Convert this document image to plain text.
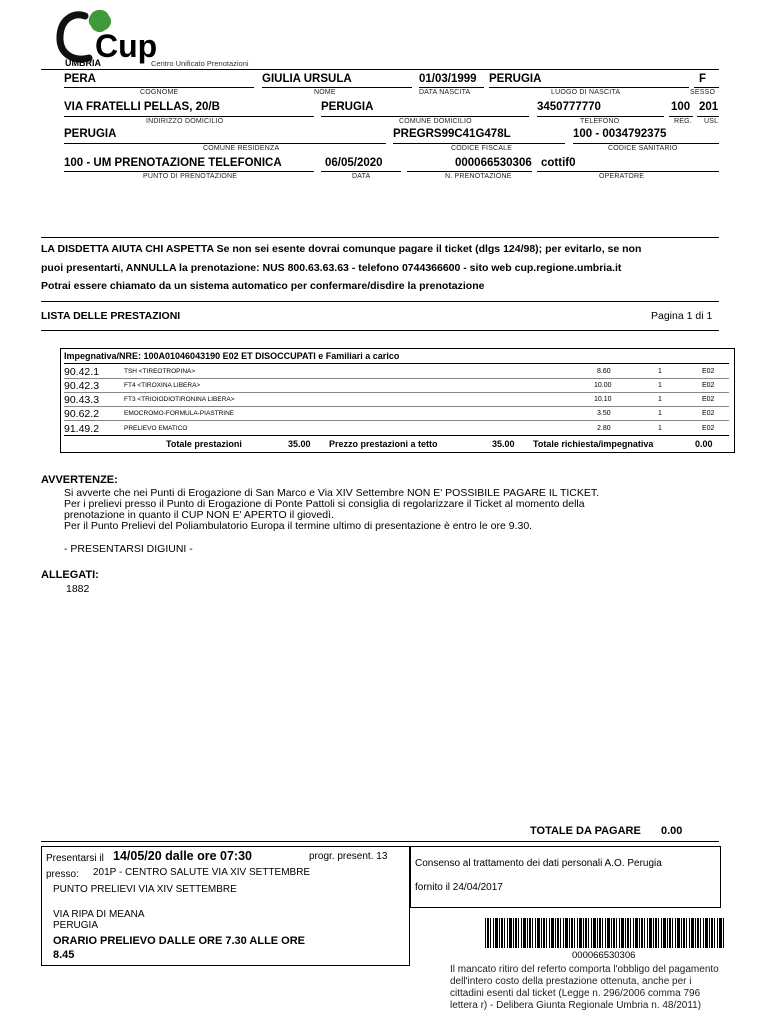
Cup
UMBRIA	Centro Unificato Prenotazioni
PERA	GIULIA URSULA	01/03/1999 PERUGIA	F
COGNOME	NOME	DATA NASCITA	LUOGO DI NASCITA	SESSO
VIA FRATELLI PELLAS, 20/B	PERUGIA	3450777770	100 201
INDIRIZZO DOMICILIO	COMUNE DOMICILIO	TELEFONO	REG. USL
PERUGIA	PREGRS99C41G478L	100 - 0034792375
COMUNE RESIDENZA	CODICE FISCALE	CODICE SANITARIO
100 - UM PRENOTAZIONE TELEFONICA	06/05/2020	000066530306 cottif0
PUNTO DI PRENOTAZIONE	DATA	N. PRENOTAZIONE	OPERATORE
LA DISDETTA AIUTA CHI ASPETTA Se non sei esente dovrai comunque pagare il ticket (dlgs 124/98); per evitarlo, se non
puoi presentarti, ANNULLA la prenotazione: NUS 800.63.63.63 - telefono 0744366600 - sito web cup.regione.umbria.it
Potrai essere chiamato da un sistema automatico per confermare/disdire la prenotazione
LISTA DELLE PRESTAZIONI	Pagina 1 di 1
Impegnativa/NRE: 100A01046043190 E02 ET DISOCCUPATI e Familiari a carico
90.42.1	TSH <TIREOTROPINA>	8.60	1	E02
90.42.3	FT4 <TIROXINA LIBERA>	10.00	1	E02
90.43.3	FT3 <TRIOIODIOTIRONINA LIBERA>	10.10	1	E02
90.62.2	EMOCROMO-FORMULA-PIASTRINE	3.50	1	E02
91.49.2	PRELIEVO EMATICO	2.80	1	E02
Totale prestazioni	35.00 Prezzo prestazioni a tetto	35.00 Totale richiesta/impegnativa	0.00
AVVERTENZE:
Si avverte che nei Punti di Erogazione di San Marco e Via XIV Settembre NON E' POSSIBILE PAGARE IL TICKET.
Per i prelievi presso il Punto di Erogazione di Ponte Pattoli si consiglia di regolarizzare il Ticket al momento della
prenotazione in quanto il CUP NON E' APERTO il giovedì.
Per il Punto Prelievi del Poliambulatorio Europa il termine ultimo di presentazione è entro le ore 9.30.
- PRESENTARSI DIGIUNI -
ALLEGATI:
1882
TOTALE DA PAGARE 0.00
Presentarsi il 14/05/20 dalle ore 07:30	progr. present. 13
presso: 201P - CENTRO SALUTE VIA XIV SETTEMBRE
PUNTO PRELIEVI VIA XIV SETTEMBRE
VIA RIPA DI MEANA
PERUGIA
ORARIO PRELIEVO DALLE ORE 7.30 ALLE ORE
8.45
Consenso al trattamento dei dati personali A.O. Perugia
fornito il 24/04/2017
000066530306
Il mancato ritiro del referto comporta l'obbligo del pagamento
dell'intero costo della prestazione ottenuta, anche per i
cittadini esenti dal ticket (Legge n. 296/2006 comma 796
lettera r) - Delibera Giunta Regionale Umbria n. 48/2011)
